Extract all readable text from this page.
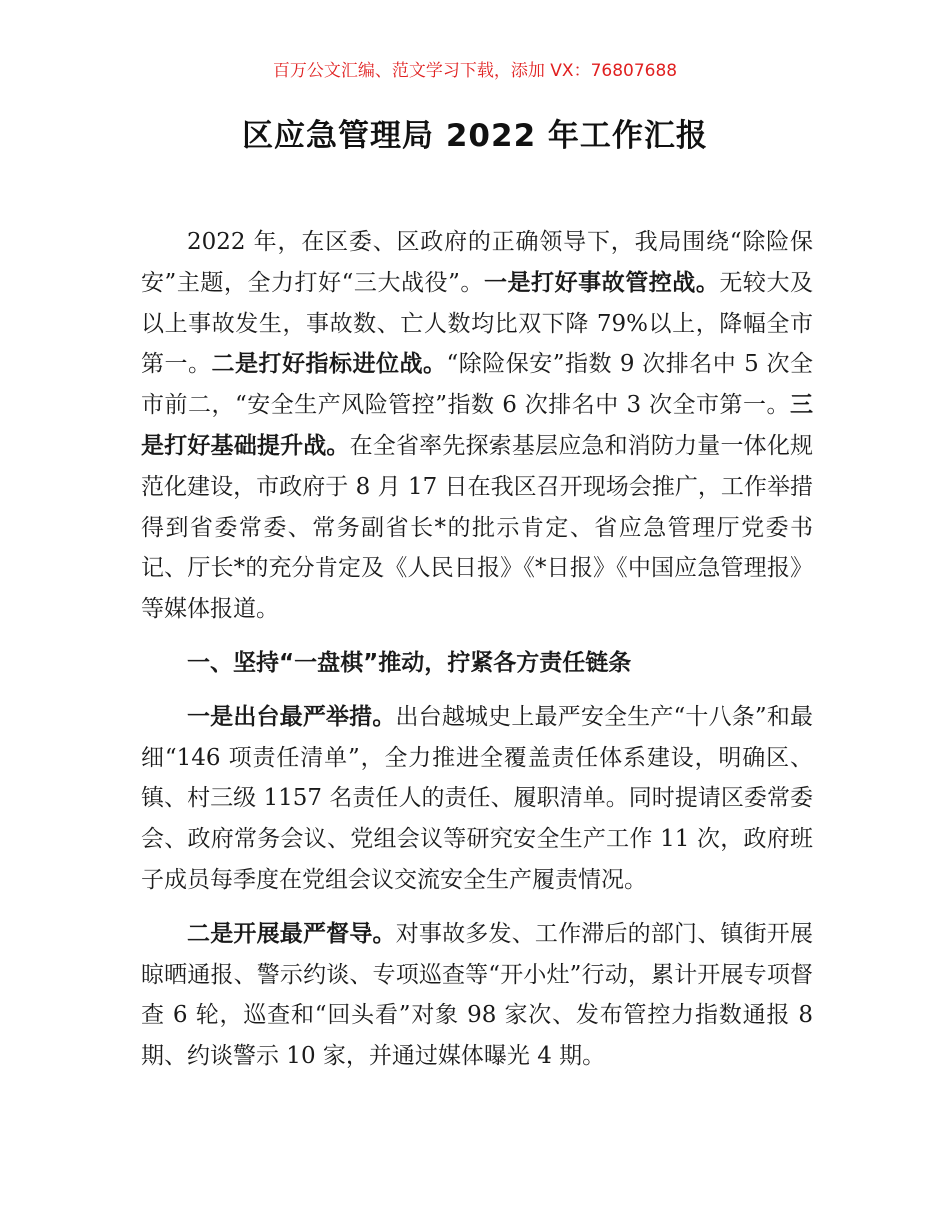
百万公文汇编、范文学习下载，添加 VX：76807688
区应急管理局 2022 年工作汇报

2022 年，在区委、区政府的正确领导下，我局围绕“除险保安”主题，全力打好“三大战役”。一是打好事故管控战。无较大及以上事故发生，事故数、亡人数均比双下降 79%以上，降幅全市第一。二是打好指标进位战。“除险保安”指数 9 次排名中 5 次全市前二，“安全生产风险管控”指数 6 次排名中 3 次全市第一。三是打好基础提升战。在全省率先探索基层应急和消防力量一体化规范化建设，市政府于 8 月 17 日在我区召开现场会推广，工作举措得到省委常委、常务副省长*的批示肯定、省应急管理厅党委书记、厅长*的充分肯定及《人民日报》《*日报》《中国应急管理报》等媒体报道。

一、坚持“一盘棋”推动，拧紧各方责任链条

一是出台最严举措。出台越城史上最严安全生产“十八条”和最细“146 项责任清单”，全力推进全覆盖责任体系建设，明确区、镇、村三级 1157 名责任人的责任、履职清单。同时提请区委常委会、政府常务会议、党组会议等研究安全生产工作 11 次，政府班子成员每季度在党组会议交流安全生产履责情况。

二是开展最严督导。对事故多发、工作滞后的部门、镇街开展晾晒通报、警示约谈、专项巡查等“开小灶”行动，累计开展专项督查 6 轮，巡查和“回头看”对象 98 家次、发布管控力指数通报 8 期、约谈警示 10 家，并通过媒体曝光 4 期。
